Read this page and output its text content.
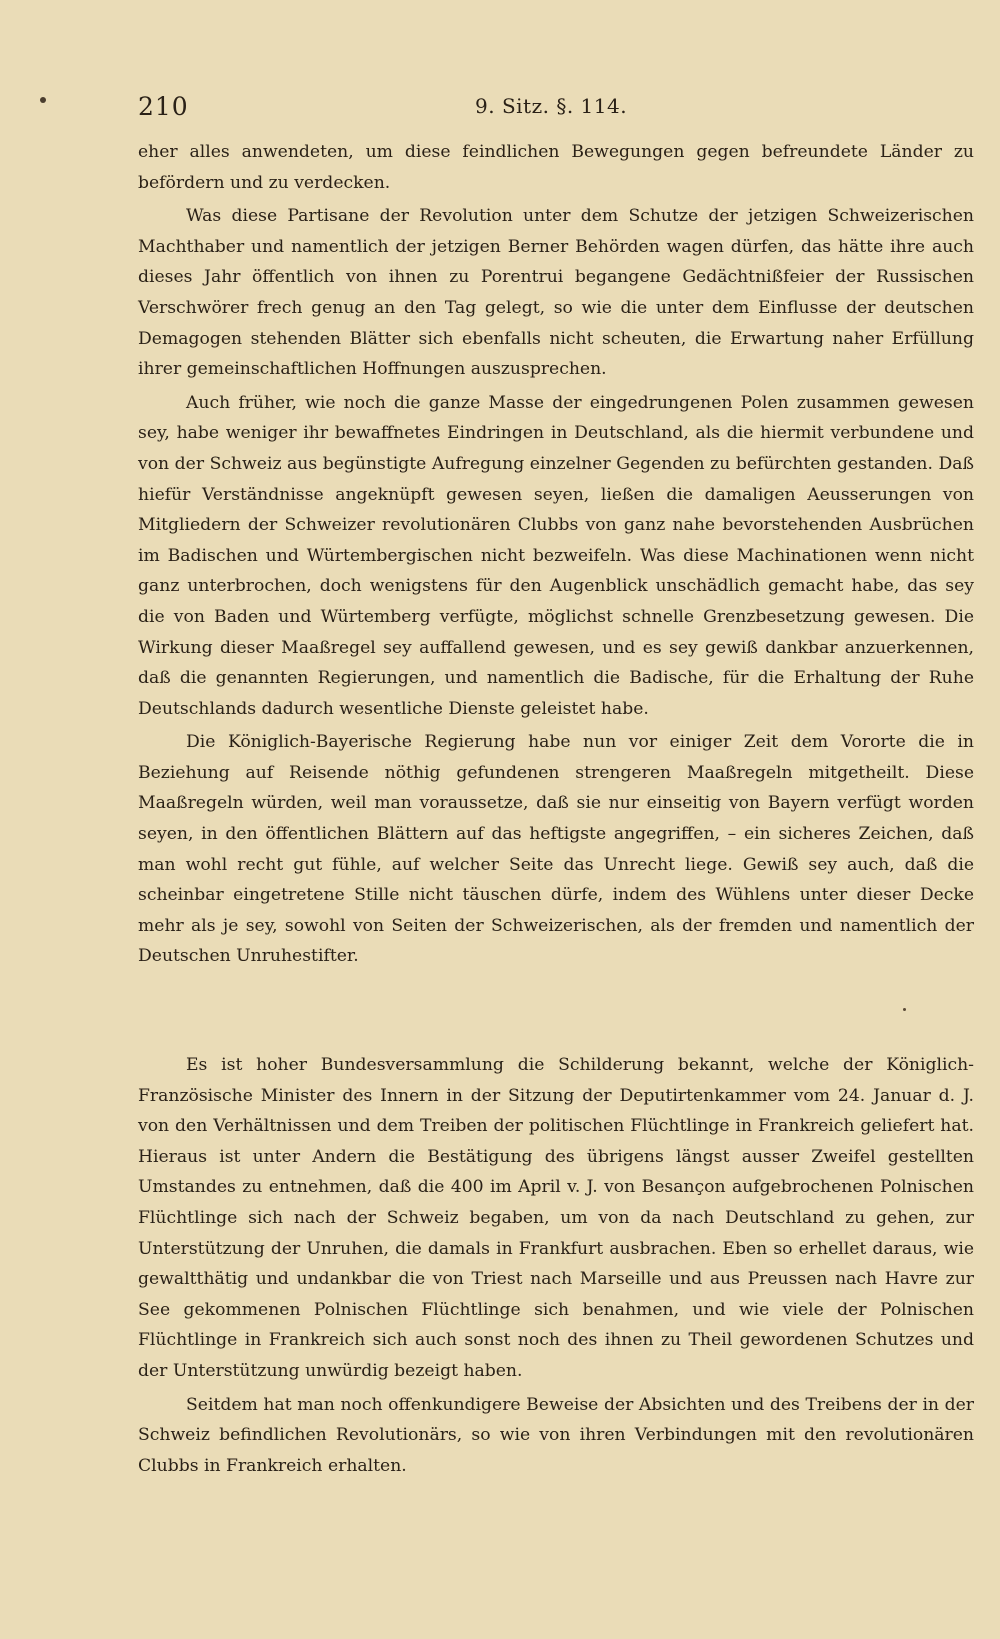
210	9. Sitz. §. 114.

eher alles anwendeten, um diese feindlichen Bewegungen gegen befreundete Länder zu befördern und zu verdecken.

Was diese Partisane der Revolution unter dem Schutze der jetzigen Schweizerischen Machthaber und namentlich der jetzigen Berner Behörden wagen dürfen, das hätte ihre auch dieses Jahr öffentlich von ihnen zu Porentrui begangene Gedächtnißfeier der Russischen Verschwörer frech genug an den Tag gelegt, so wie die unter dem Einflusse der deutschen Demagogen stehenden Blätter sich ebenfalls nicht scheuten, die Erwartung naher Erfüllung ihrer gemeinschaftlichen Hoffnungen auszusprechen.

Auch früher, wie noch die ganze Masse der eingedrungenen Polen zusammen gewesen sey, habe weniger ihr bewaffnetes Eindringen in Deutschland, als die hiermit verbundene und von der Schweiz aus begünstigte Aufregung einzelner Gegenden zu befürchten gestanden. Daß hiefür Verständnisse angeknüpft gewesen seyen, ließen die damaligen Aeusserungen von Mitgliedern der Schweizer revolutionären Clubbs von ganz nahe bevorstehenden Ausbrüchen im Badischen und Würtembergischen nicht bezweifeln. Was diese Machinationen wenn nicht ganz unterbrochen, doch wenigstens für den Augenblick unschädlich gemacht habe, das sey die von Baden und Würtemberg verfügte, möglichst schnelle Grenzbesetzung gewesen. Die Wirkung dieser Maaßregel sey auffallend gewesen, und es sey gewiß dankbar anzuerkennen, daß die genannten Regierungen, und namentlich die Badische, für die Erhaltung der Ruhe Deutschlands dadurch wesentliche Dienste geleistet habe.

Die Königlich-Bayerische Regierung habe nun vor einiger Zeit dem Vororte die in Beziehung auf Reisende nöthig gefundenen strengeren Maaßregeln mitgetheilt. Diese Maaßregeln würden, weil man voraussetze, daß sie nur einseitig von Bayern verfügt worden seyen, in den öffentlichen Blättern auf das heftigste angegriffen, – ein sicheres Zeichen, daß man wohl recht gut fühle, auf welcher Seite das Unrecht liege. Gewiß sey auch, daß die scheinbar eingetretene Stille nicht täuschen dürfe, indem des Wühlens unter dieser Decke mehr als je sey, sowohl von Seiten der Schweizerischen, als der fremden und namentlich der Deutschen Unruhestifter.

Es ist hoher Bundesversammlung die Schilderung bekannt, welche der Königlich-Französische Minister des Innern in der Sitzung der Deputirtenkammer vom 24. Januar d. J. von den Verhältnissen und dem Treiben der politischen Flüchtlinge in Frankreich geliefert hat. Hieraus ist unter Andern die Bestätigung des übrigens längst ausser Zweifel gestellten Umstandes zu entnehmen, daß die 400 im April v. J. von Besançon aufgebrochenen Polnischen Flüchtlinge sich nach der Schweiz begaben, um von da nach Deutschland zu gehen, zur Unterstützung der Unruhen, die damals in Frankfurt ausbrachen. Eben so erhellet daraus, wie gewaltthätig und undankbar die von Triest nach Marseille und aus Preussen nach Havre zur See gekommenen Polnischen Flüchtlinge sich benahmen, und wie viele der Polnischen Flüchtlinge in Frankreich sich auch sonst noch des ihnen zu Theil gewordenen Schutzes und der Unterstützung unwürdig bezeigt haben.

Seitdem hat man noch offenkundigere Beweise der Absichten und des Treibens der in der Schweiz befindlichen Revolutionärs, so wie von ihren Verbindungen mit den revolutionären Clubbs in Frankreich erhalten.
